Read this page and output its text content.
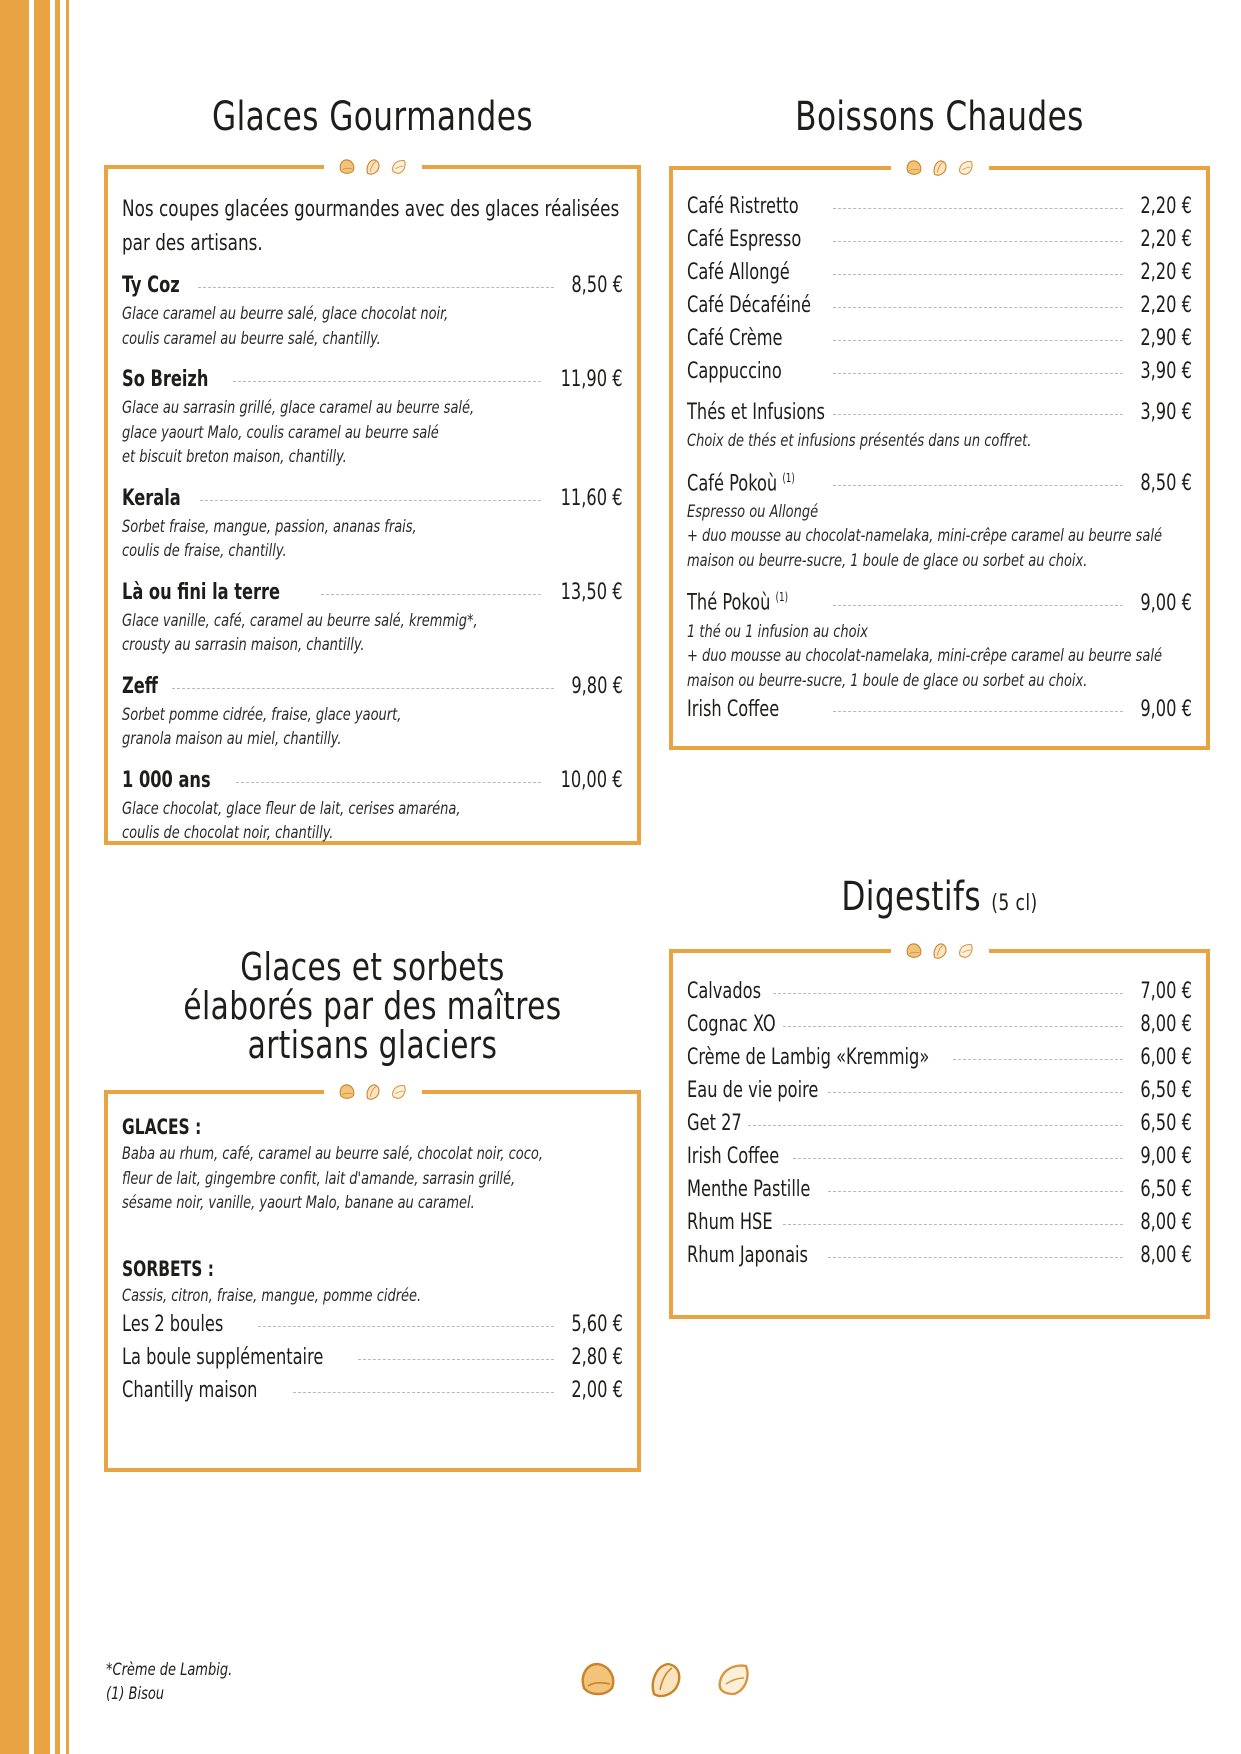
Glaces Gourmandes
Nos coupes glacées gourmandes avec des glaces réalisées
par des artisans.
Ty Coz	8,50 €
Glace caramel au beurre salé, glace chocolat noir,
coulis caramel au beurre salé, chantilly.
So Breizh	11,90 €
Glace au sarrasin grillé, glace caramel au beurre salé,
glace yaourt Malo, coulis caramel au beurre salé
et biscuit breton maison, chantilly.
Kerala	11,60 €
Sorbet fraise, mangue, passion, ananas frais,
coulis de fraise, chantilly.
Là ou fini la terre	13,50 €
Glace vanille, café, caramel au beurre salé, kremmig*,
crousty au sarrasin maison, chantilly.
Zeff	9,80 €
Sorbet pomme cidrée, fraise, glace yaourt,
granola maison au miel, chantilly.
1 000 ans	10,00 €
Glace chocolat, glace fleur de lait, cerises amaréna,
coulis de chocolat noir, chantilly.
Boissons Chaudes
Café Ristretto	2,20 €
Café Espresso	2,20 €
Café Allongé	2,20 €
Café Décaféiné	2,20 €
Café Crème	2,90 €
Cappuccino	3,90 €
Thés et Infusions	3,90 €
Choix de thés et infusions présentés dans un coffret.
Café Pokoù $^{(1)}$	8,50 €
Espresso ou Allongé
+ duo mousse au chocolat-namelaka, mini-crêpe caramel au beurre salé
maison ou beurre-sucre, 1 boule de glace ou sorbet au choix.
Thé Pokoù $^{(1)}$	9,00 €
1 thé ou 1 infusion au choix
+ duo mousse au chocolat-namelaka, mini-crêpe caramel au beurre salé
maison ou beurre-sucre, 1 boule de glace ou sorbet au choix.
Irish Coffee	9,00 €
Glaces et sorbets
élaborés par des maîtres
artisans glaciers
GLACES :
Baba au rhum, café, caramel au beurre salé, chocolat noir, coco,
fleur de lait, gingembre confit, lait d'amande, sarrasin grillé,
sésame noir, vanille, yaourt Malo, banane au caramel.
SORBETS :
Cassis, citron, fraise, mangue, pomme cidrée.
Les 2 boules	5,60 €
La boule supplémentaire	2,80 €
Chantilly maison	2,00 €
Digestifs (5 cl)
Calvados	7,00 €
Cognac XO	8,00 €
Crème de Lambig «Kremmig»	6,00 €
Eau de vie poire	6,50 €
Get 27	6,50 €
Irish Coffee	9,00 €
Menthe Pastille	6,50 €
Rhum HSE	8,00 €
Rhum Japonais	8,00 €
*Crème de Lambig.
(1) Bisou
